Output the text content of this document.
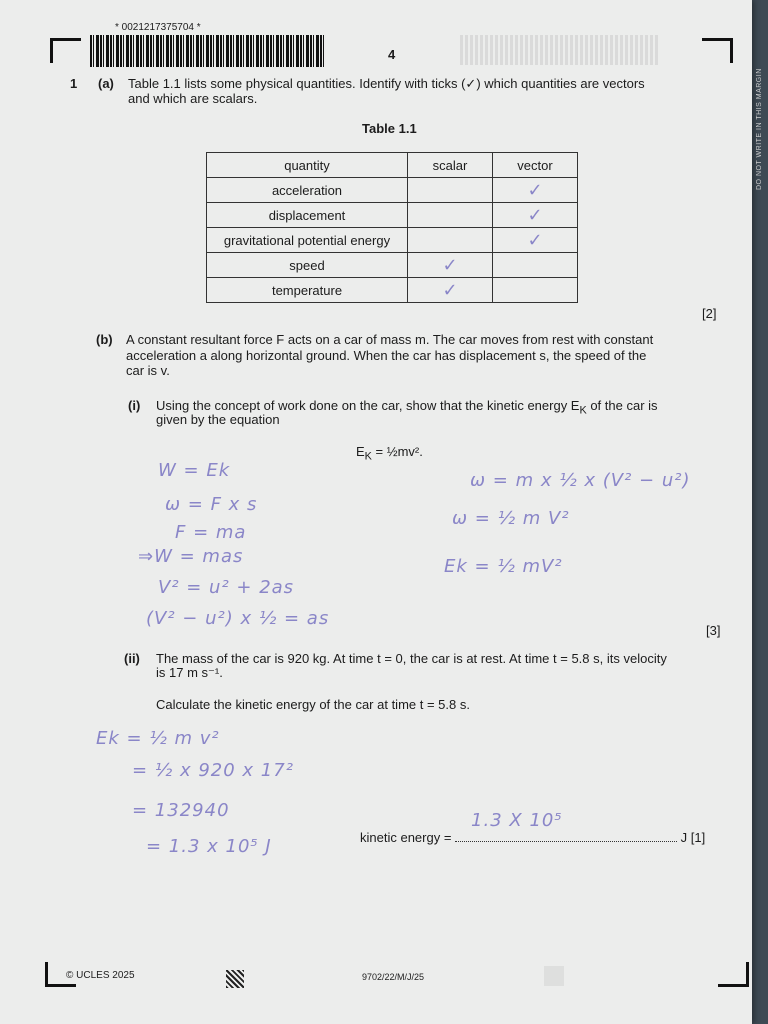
* 0021217375704 *
4
1 (a) Table 1.1 lists some physical quantities. Identify with ticks (✓) which quantities are vectors
and which are scalars.
Table 1.1
quantity	scalar	vector
acceleration		✓
displacement		✓
gravitational potential energy		✓
speed	✓	
temperature	✓	
[2]
(b) A constant resultant force F acts on a car of mass m. The car moves from rest with constant
acceleration a along horizontal ground. When the car has displacement s, the speed of the
car is v.
(i) Using the concept of work done on the car, show that the kinetic energy $E_K$ of the car is
given by the equation
$E_K$ = ½mv².
W = Ek
ω = F x s
F = ma
⇒W = mas
V² = u² + 2as
(V² − u²) x ½ = as
ω = m x ½ x (V² − u²)
ω = ½ m V²
Ek = ½ mV²
[3]
(ii) The mass of the car is 920 kg. At time t = 0, the car is at rest. At time t = 5.8 s, its velocity
is 17 m s⁻¹.
Calculate the kinetic energy of the car at time t = 5.8 s.
Ek = ½ m v²
= ½ x 920 x 17²
= 132940
= 1.3 x 10⁵ J	kinetic energy =
1.3 X 10⁵
J [1]
© UCLES 2025	9702/22/M/J/25
DO NOT WRITE IN THIS MARGIN
